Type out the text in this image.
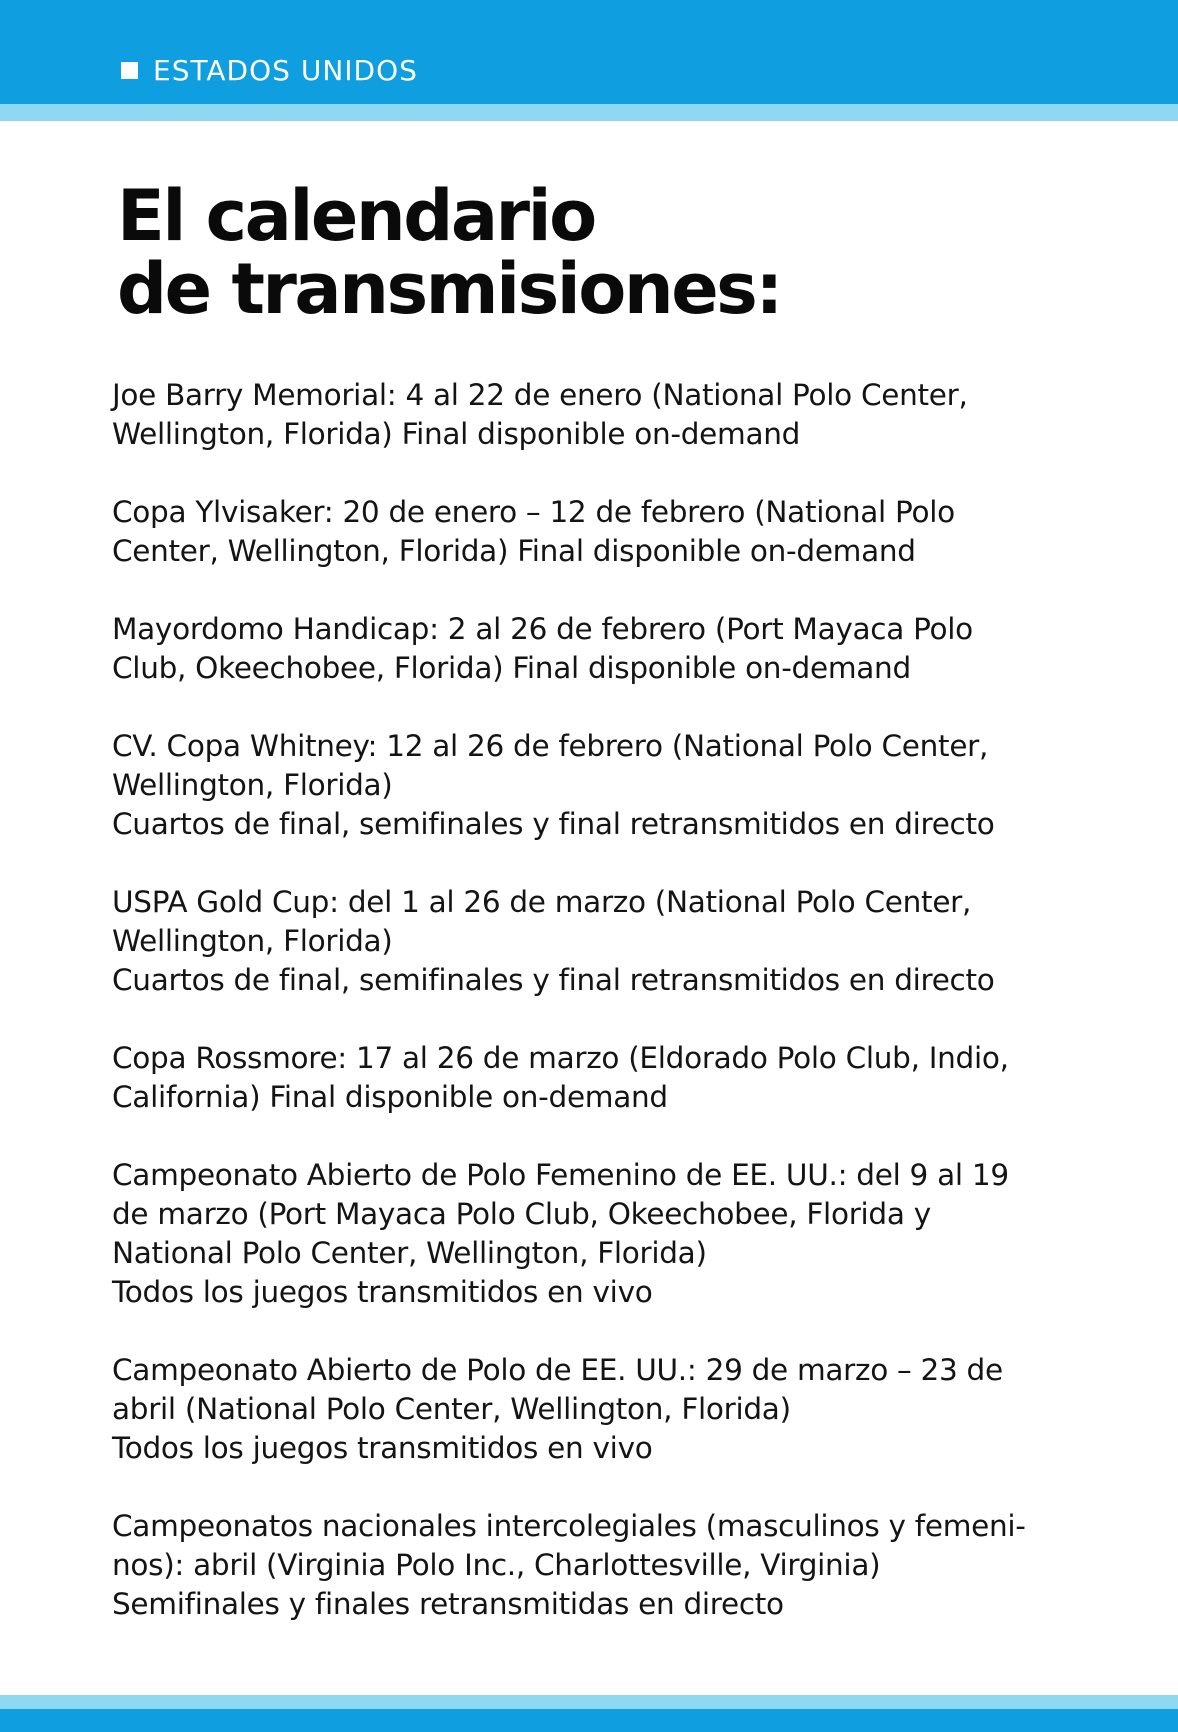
ESTADOS UNIDOS
El calendario
de transmisiones:

Joe Barry Memorial: 4 al 22 de enero (National Polo Center,
Wellington, Florida) Final disponible on-demand

Copa Ylvisaker: 20 de enero – 12 de febrero (National Polo
Center, Wellington, Florida) Final disponible on-demand

Mayordomo Handicap: 2 al 26 de febrero (Port Mayaca Polo
Club, Okeechobee, Florida) Final disponible on-demand

CV. Copa Whitney: 12 al 26 de febrero (National Polo Center,
Wellington, Florida)
Cuartos de final, semifinales y final retransmitidos en directo

USPA Gold Cup: del 1 al 26 de marzo (National Polo Center,
Wellington, Florida)
Cuartos de final, semifinales y final retransmitidos en directo

Copa Rossmore: 17 al 26 de marzo (Eldorado Polo Club, Indio,
California) Final disponible on-demand

Campeonato Abierto de Polo Femenino de EE. UU.: del 9 al 19
de marzo (Port Mayaca Polo Club, Okeechobee, Florida y
National Polo Center, Wellington, Florida)
Todos los juegos transmitidos en vivo

Campeonato Abierto de Polo de EE. UU.: 29 de marzo – 23 de
abril (National Polo Center, Wellington, Florida)
Todos los juegos transmitidos en vivo

Campeonatos nacionales intercolegiales (masculinos y femeni-
nos): abril (Virginia Polo Inc., Charlottesville, Virginia)
Semifinales y finales retransmitidas en directo
